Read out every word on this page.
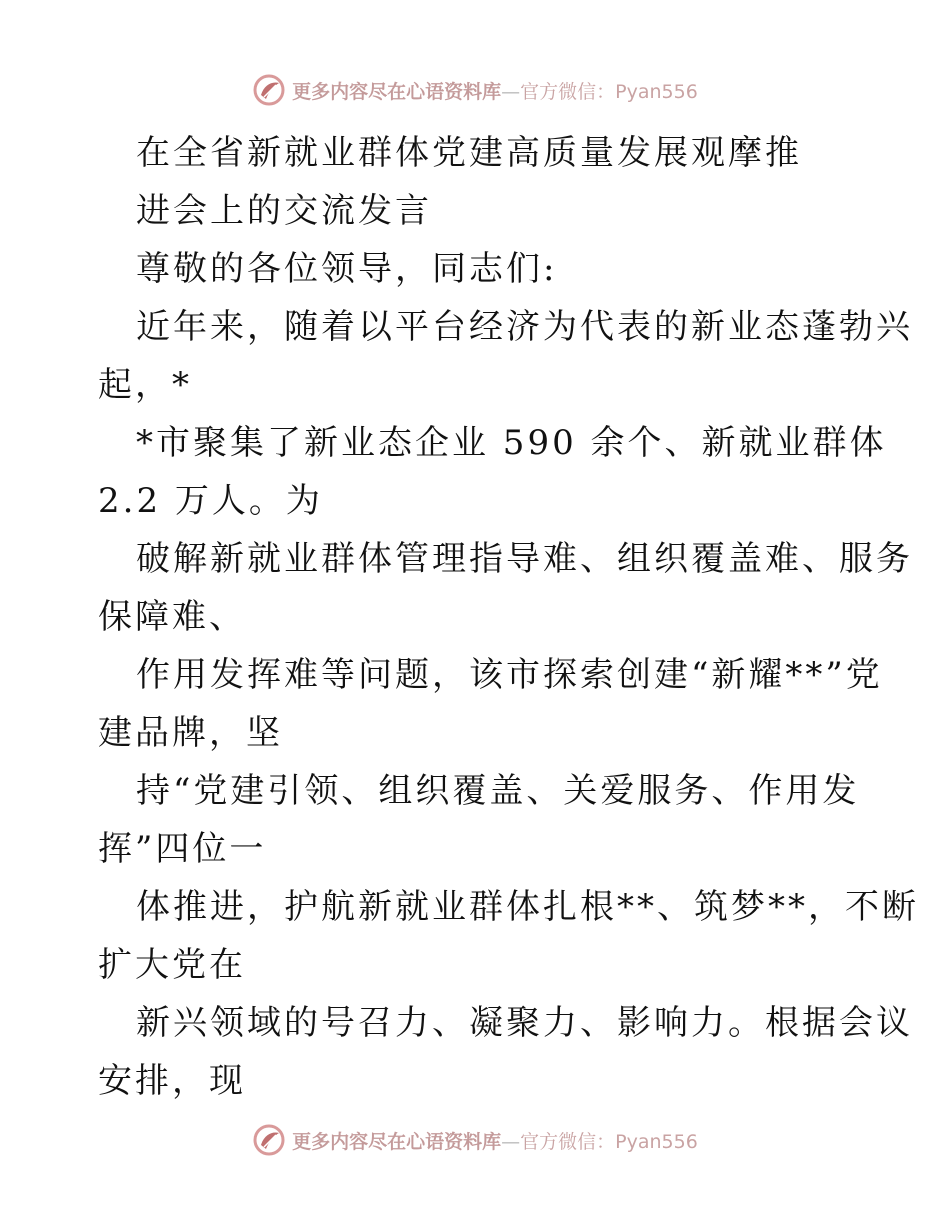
更多内容尽在心语资料库—官方微信：Pyan556
在全省新就业群体党建高质量发展观摩推
进会上的交流发言
尊敬的各位领导，同志们:
近年来，随着以平台经济为代表的新业态蓬勃兴
起，*
*市聚集了新业态企业 590 余个、新就业群体
2.2 万人。为
破解新就业群体管理指导难、组织覆盖难、服务
保障难、
作用发挥难等问题，该市探索创建“新耀**”党
建品牌，坚
持“党建引领、组织覆盖、关爱服务、作用发
挥”四位一
体推进，护航新就业群体扎根**、筑梦**，不断
扩大党在
新兴领域的号召力、凝聚力、影响力。根据会议
安排，现
更多内容尽在心语资料库—官方微信：Pyan556
